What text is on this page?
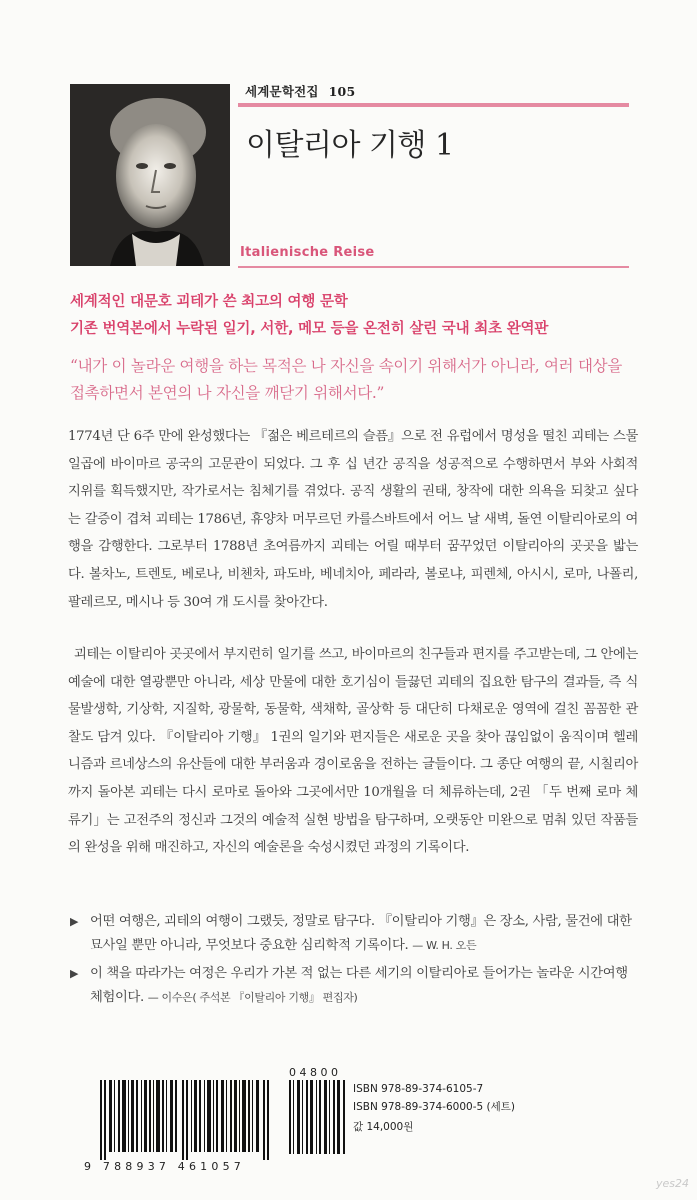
세계문학전집 105
이탈리아 기행 1
Italienische Reise
세계적인 대문호 괴테가 쓴 최고의 여행 문학
기존 번역본에서 누락된 일기, 서한, 메모 등을 온전히 살린 국내 최초 완역판
“내가 이 놀라운 여행을 하는 목적은 나 자신을 속이기 위해서가 아니라, 여러 대상을 접촉하면서 본연의 나 자신을 깨닫기 위해서다.”
1774년 단 6주 만에 완성했다는 『젊은 베르테르의 슬픔』으로 전 유럽에서 명성을 떨친 괴테는 스물일곱에 바이마르 공국의 고문관이 되었다. 그 후 십 년간 공직을 성공적으로 수행하면서 부와 사회적 지위를 획득했지만, 작가로서는 침체기를 겪었다. 공직 생활의 권태, 창작에 대한 의욕을 되찾고 싶다는 갈증이 겹쳐 괴테는 1786년, 휴양차 머무르던 카를스바트에서 어느 날 새벽, 돌연 이탈리아로의 여행을 감행한다. 그로부터 1788년 초여름까지 괴테는 어릴 때부터 꿈꾸었던 이탈리아의 곳곳을 밟는다. 볼차노, 트렌토, 베로나, 비첸차, 파도바, 베네치아, 페라라, 볼로냐, 피렌체, 아시시, 로마, 나폴리, 팔레르모, 메시나 등 30여 개 도시를 찾아간다.
괴테는 이탈리아 곳곳에서 부지런히 일기를 쓰고, 바이마르의 친구들과 편지를 주고받는데, 그 안에는 예술에 대한 열광뿐만 아니라, 세상 만물에 대한 호기심이 들끓던 괴테의 집요한 탐구의 결과들, 즉 식물발생학, 기상학, 지질학, 광물학, 동물학, 색채학, 골상학 등 대단히 다채로운 영역에 걸친 꼼꼼한 관찰도 담겨 있다. 『이탈리아 기행』 1권의 일기와 편지들은 새로운 곳을 찾아 끊임없이 움직이며 헬레니즘과 르네상스의 유산들에 대한 부러움과 경이로움을 전하는 글들이다. 그 종단 여행의 끝, 시칠리아까지 돌아본 괴테는 다시 로마로 돌아와 그곳에서만 10개월을 더 체류하는데, 2권 「두 번째 로마 체류기」는 고전주의 정신과 그것의 예술적 실현 방법을 탐구하며, 오랫동안 미완으로 멈춰 있던 작품들의 완성을 위해 매진하고, 자신의 예술론을 숙성시켰던 과정의 기록이다.
▶ 어떤 여행은, 괴테의 여행이 그랬듯, 정말로 탐구다. 『이탈리아 기행』은 장소, 사람, 물건에 대한 묘사일 뿐만 아니라, 무엇보다 중요한 심리학적 기록이다. — W. H. 오든
▶ 이 책을 따라가는 여정은 우리가 가본 적 없는 다른 세기의 이탈리아로 들어가는 놀라운 시간여행 체험이다. — 이수은( 주석본 『이탈리아 기행』 편집자)
9 788937 461057
04800
ISBN 978-89-374-6105-7
ISBN 978-89-374-6000-5 (세트)
값 14,000원
yes24
